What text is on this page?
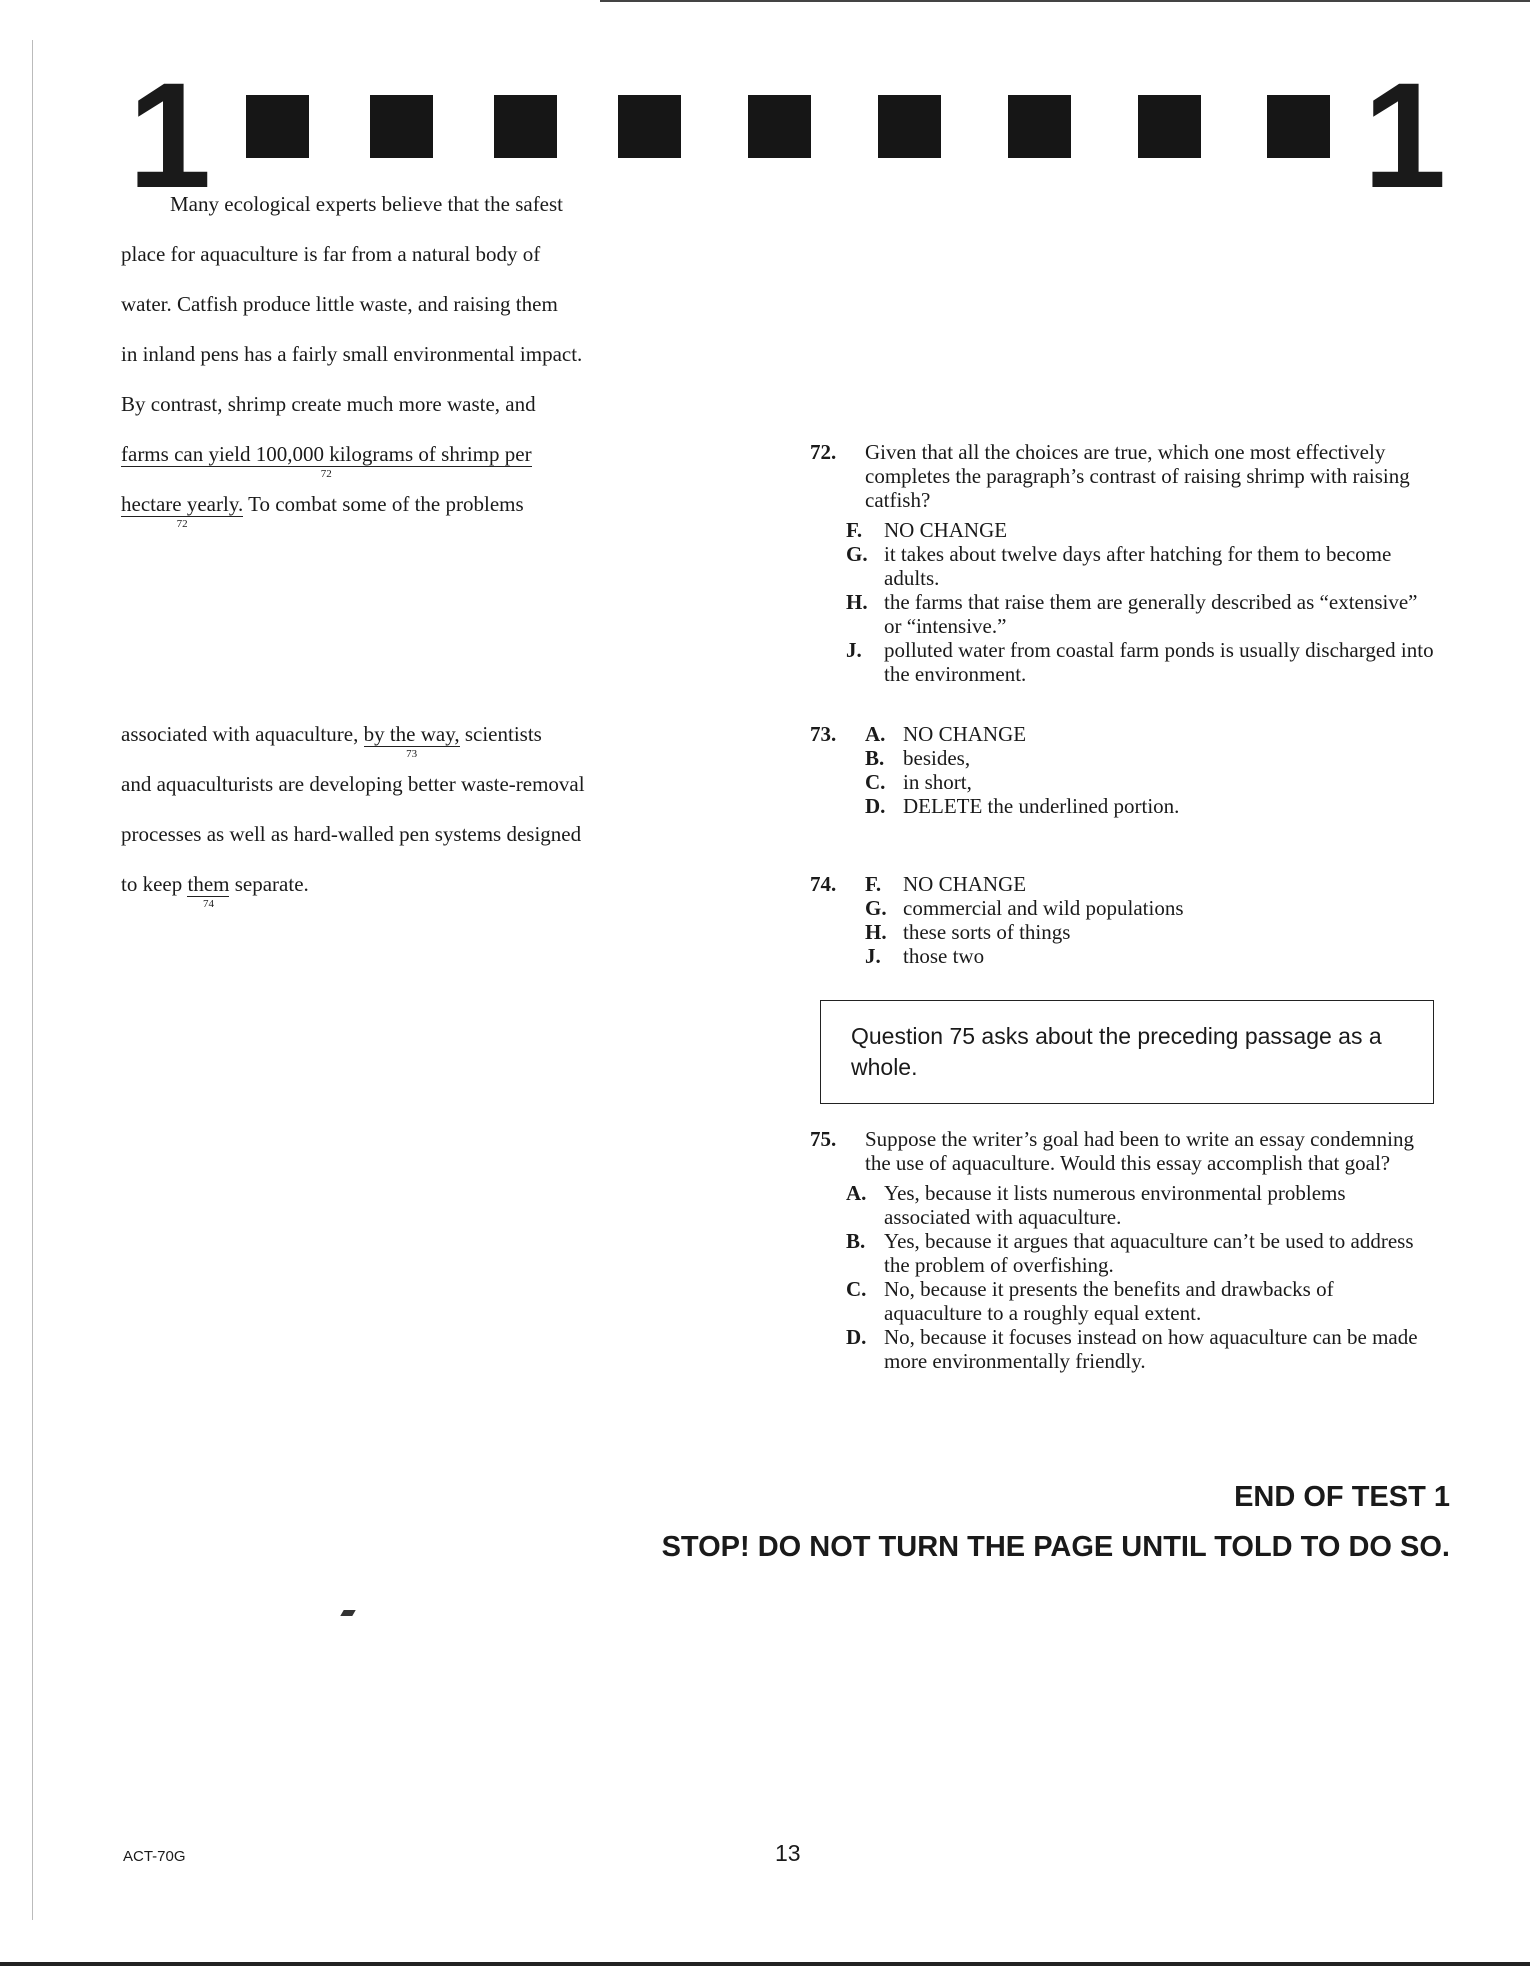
1	1
Many ecological experts believe that the safest
place for aquaculture is far from a natural body of
water. Catfish produce little waste, and raising them
in inland pens has a fairly small environmental impact.
By contrast, shrimp create much more waste, and
farms can yield 100,000 kilograms of shrimp per
72
hectare yearly.
72
To combat some of the problems
associated with aquaculture, by the way,
73
scientists
and aquaculturists are developing better waste-removal
processes as well as hard-walled pen systems designed
to keep them
74
separate.
72. Given that all the choices are true, which one most effectively completes the paragraph’s contrast of raising shrimp with raising catfish?
F. NO CHANGE
G. it takes about twelve days after hatching for them to become adults.
H. the farms that raise them are generally described as “extensive” or “intensive.”
J. polluted water from coastal farm ponds is usually discharged into the environment.
73. A. NO CHANGE
B. besides,
C. in short,
D. DELETE the underlined portion.
74. F. NO CHANGE
G. commercial and wild populations
H. these sorts of things
J. those two
Question 75 asks about the preceding passage as a whole.
75. Suppose the writer’s goal had been to write an essay condemning the use of aquaculture. Would this essay accomplish that goal?
A. Yes, because it lists numerous environmental problems associated with aquaculture.
B. Yes, because it argues that aquaculture can’t be used to address the problem of overfishing.
C. No, because it presents the benefits and drawbacks of aquaculture to a roughly equal extent.
D. No, because it focuses instead on how aquaculture can be made more environmentally friendly.
END OF TEST 1
STOP! DO NOT TURN THE PAGE UNTIL TOLD TO DO SO.
ACT-70G	13
